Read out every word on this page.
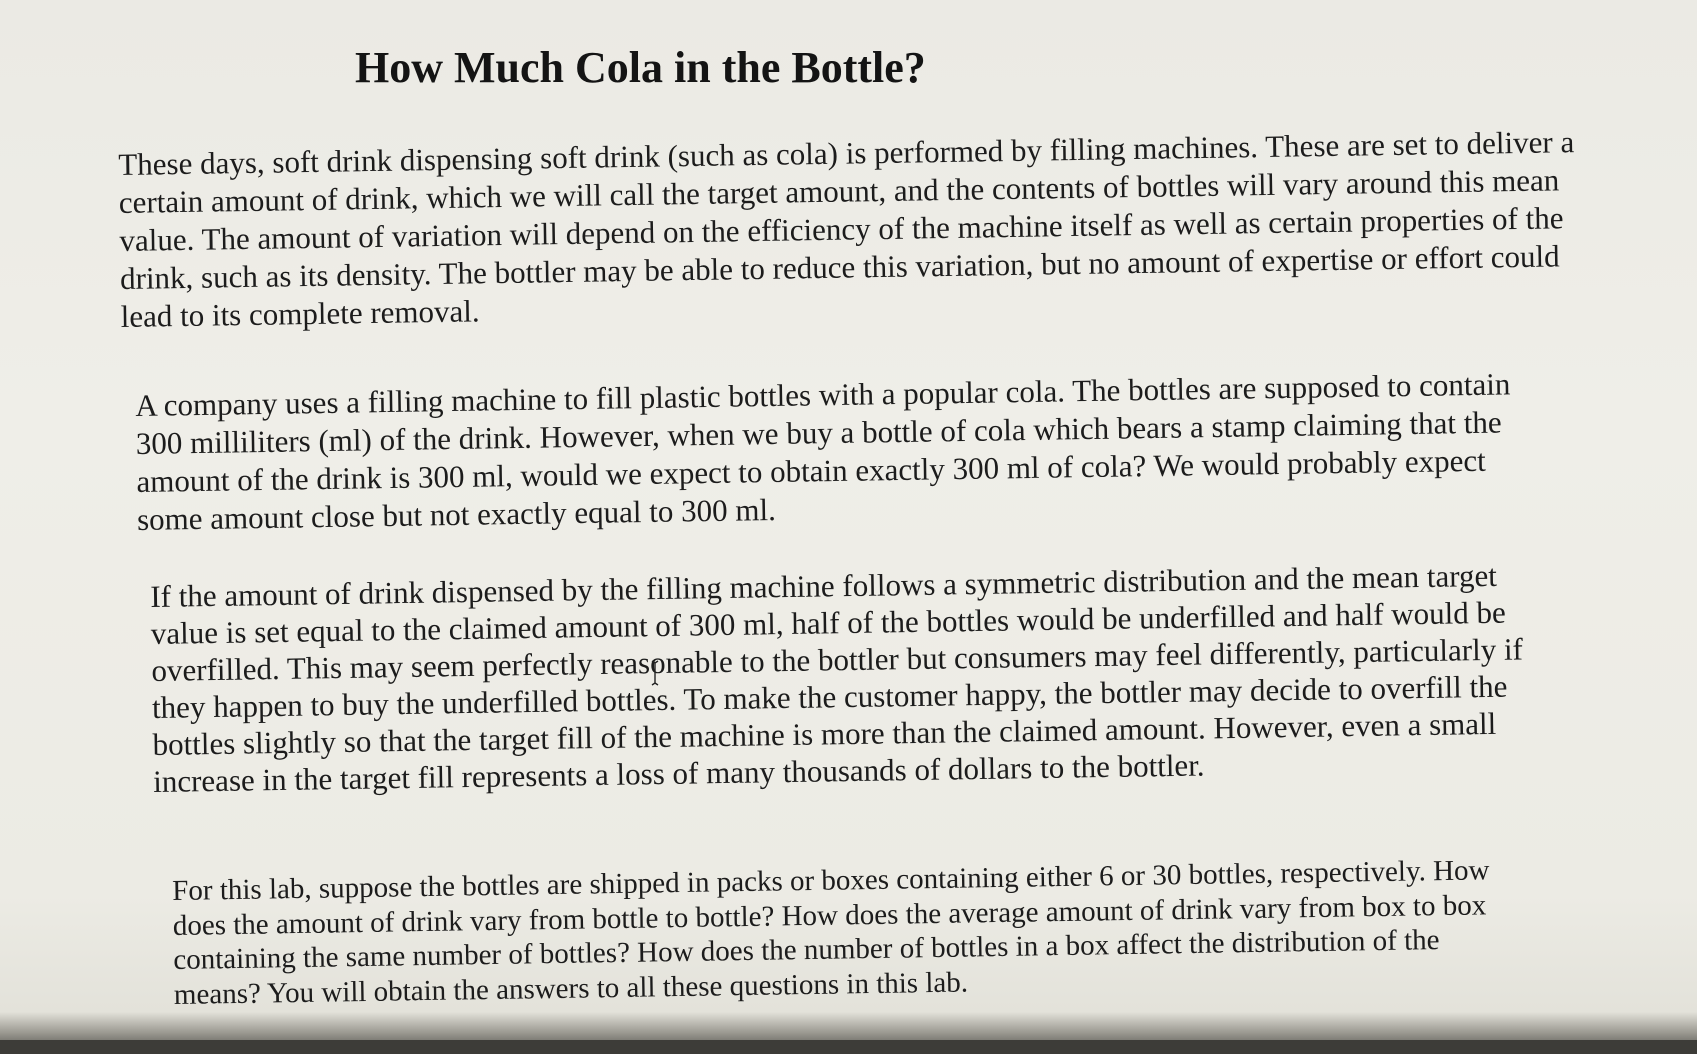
How Much Cola in the Bottle?

These days, soft drink dispensing soft drink (such as cola) is performed by filling machines. These are set to deliver a certain amount of drink, which we will call the target amount, and the contents of bottles will vary around this mean value. The amount of variation will depend on the efficiency of the machine itself as well as certain properties of the drink, such as its density. The bottler may be able to reduce this variation, but no amount of expertise or effort could lead to its complete removal.

A company uses a filling machine to fill plastic bottles with a popular cola. The bottles are supposed to contain 300 milliliters (ml) of the drink. However, when we buy a bottle of cola which bears a stamp claiming that the amount of the drink is 300 ml, would we expect to obtain exactly 300 ml of cola? We would probably expect some amount close but not exactly equal to 300 ml.

If the amount of drink dispensed by the filling machine follows a symmetric distribution and the mean target value is set equal to the claimed amount of 300 ml, half of the bottles would be underfilled and half would be overfilled. This may seem perfectly reasonable to the bottler but consumers may feel differently, particularly if they happen to buy the underfilled bottles. To make the customer happy, the bottler may decide to overfill the bottles slightly so that the target fill of the machine is more than the claimed amount. However, even a small increase in the target fill represents a loss of many thousands of dollars to the bottler.

For this lab, suppose the bottles are shipped in packs or boxes containing either 6 or 30 bottles, respectively. How does the amount of drink vary from bottle to bottle? How does the average amount of drink vary from box to box containing the same number of bottles? How does the number of bottles in a box affect the distribution of the means? You will obtain the answers to all these questions in this lab.
